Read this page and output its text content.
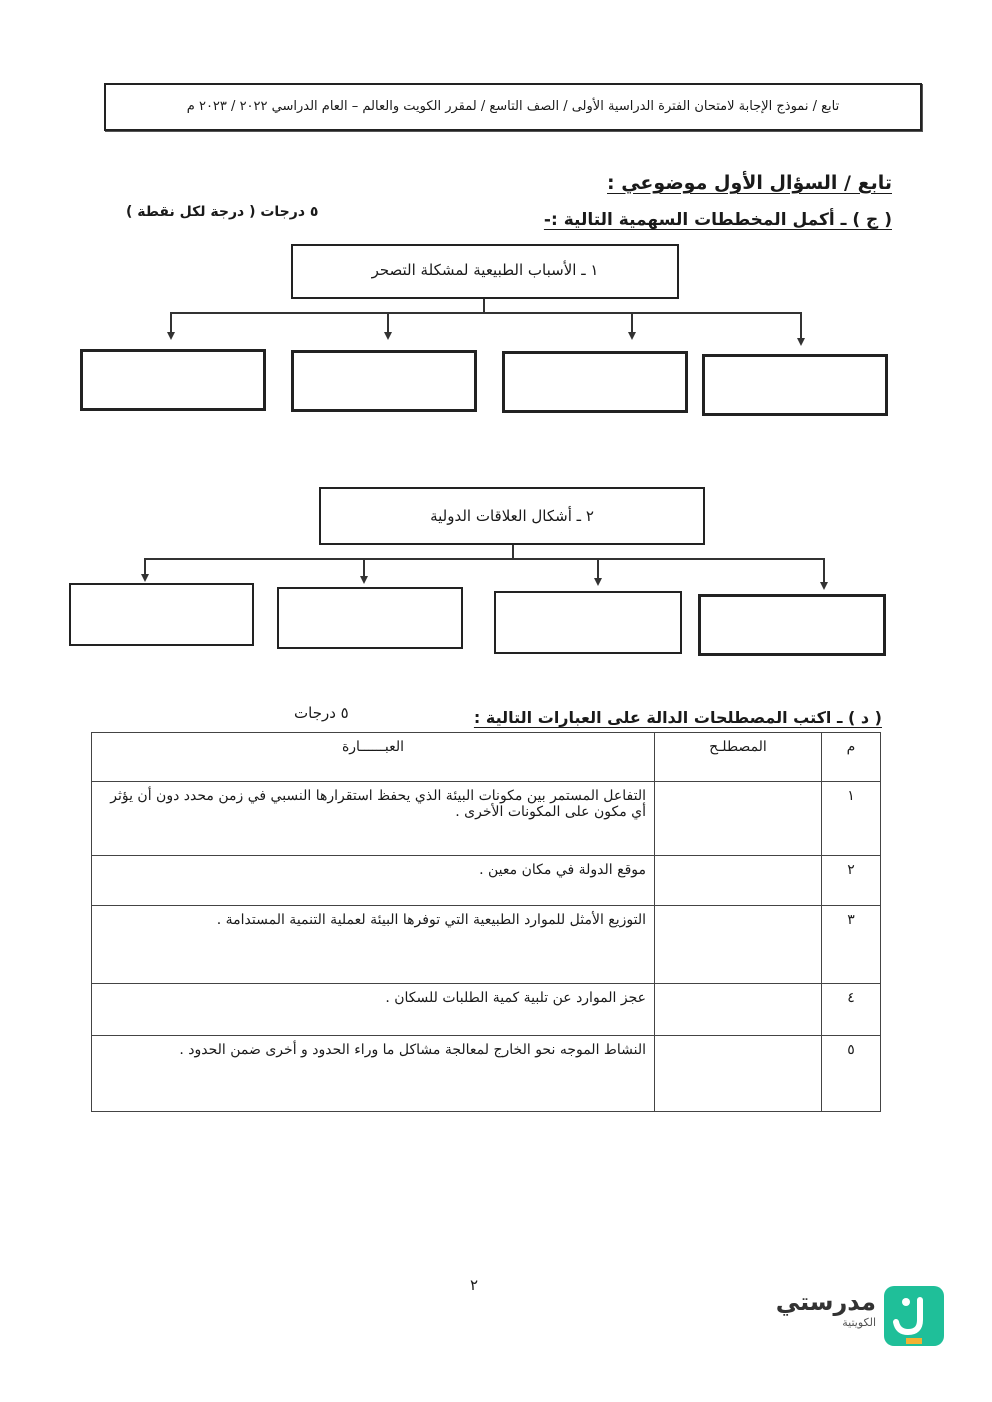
تابع / نموذج الإجابة لامتحان الفترة الدراسية الأولى / الصف التاسع / لمقرر الكويت والعالم – العام الدراسي ٢٠٢٢ / ٢٠٢٣ م
تابع / السؤال الأول موضوعي :
( ج ) ـ أكمل المخططات السهمية التالية :-
٥ درجات ( درجة لكل نقطة )
١ ـ الأسباب الطبيعية لمشكلة التصحر
٢ ـ أشكال العلاقات الدولية
( د ) ـ اكتب المصطلحات الدالة على العبارات التالية :
٥ درجات
م	المصطلـح	العبــــــارة
١		التفاعل المستمر بين مكونات البيئة الذي يحفظ استقرارها النسبي في زمن محدد دون أن يؤثر أي مكون على المكونات الأخرى .
٢		موقع الدولة في مكان معين .
٣		التوزيع الأمثل للموارد الطبيعية التي توفرها البيئة لعملية التنمية المستدامة .
٤		عجز الموارد عن تلبية كمية الطلبات للسكان .
٥		النشاط الموجه نحو الخارج لمعالجة مشاكل ما وراء الحدود و أخرى ضمن الحدود .
٢
مدرستي
الكويتية
